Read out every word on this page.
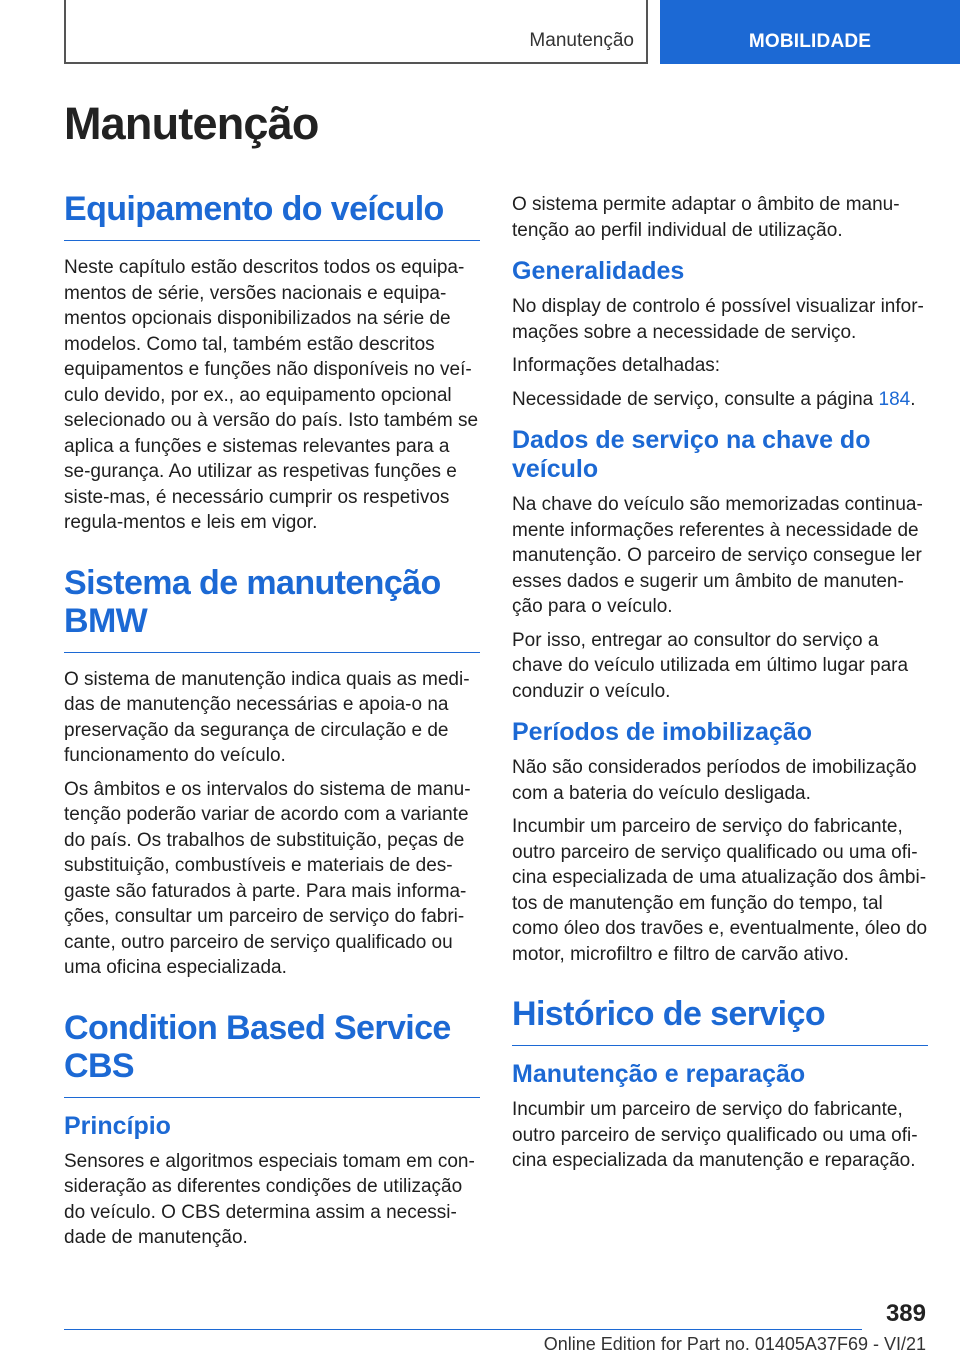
Manutenção	MOBILIDADE
Manutenção
Equipamento do veículo

Neste capítulo estão descritos todos os equipa-mentos de série, versões nacionais e equipa-mentos opcionais disponibilizados na série de modelos. Como tal, também estão descritos equipamentos e funções não disponíveis no veí-culo devido, por ex., ao equipamento opcional selecionado ou à versão do país. Isto também se aplica a funções e sistemas relevantes para a se-gurança. Ao utilizar as respetivas funções e siste-mas, é necessário cumprir os respetivos regula-mentos e leis em vigor.

Sistema de manutenção BMW

O sistema de manutenção indica quais as medi-das de manutenção necessárias e apoia-o na preservação da segurança de circulação e de funcionamento do veículo.

Os âmbitos e os intervalos do sistema de manu-tenção poderão variar de acordo com a variante do país. Os trabalhos de substituição, peças de substituição, combustíveis e materiais de des-gaste são faturados à parte. Para mais informa-ções, consultar um parceiro de serviço do fabri-cante, outro parceiro de serviço qualificado ou uma oficina especializada.

Condition Based Service CBS
Princípio

Sensores e algoritmos especiais tomam em con-sideração as diferentes condições de utilização do veículo. O CBS determina assim a necessi-dade de manutenção.

O sistema permite adaptar o âmbito de manu-tenção ao perfil individual de utilização.

Generalidades

No display de controlo é possível visualizar infor-mações sobre a necessidade de serviço.

Informações detalhadas:

Necessidade de serviço, consulte a página 184.

Dados de serviço na chave do veículo

Na chave do veículo são memorizadas continua-mente informações referentes à necessidade de manutenção. O parceiro de serviço consegue ler esses dados e sugerir um âmbito de manuten-ção para o veículo.

Por isso, entregar ao consultor do serviço a chave do veículo utilizada em último lugar para conduzir o veículo.

Períodos de imobilização

Não são considerados períodos de imobilização com a bateria do veículo desligada.

Incumbir um parceiro de serviço do fabricante, outro parceiro de serviço qualificado ou uma ofi-cina especializada de uma atualização dos âmbi-tos de manutenção em função do tempo, tal como óleo dos travões e, eventualmente, óleo do motor, microfiltro e filtro de carvão ativo.

Histórico de serviço
Manutenção e reparação

Incumbir um parceiro de serviço do fabricante, outro parceiro de serviço qualificado ou uma ofi-cina especializada da manutenção e reparação.

389
Online Edition for Part no. 01405A37F69 - VI/21
